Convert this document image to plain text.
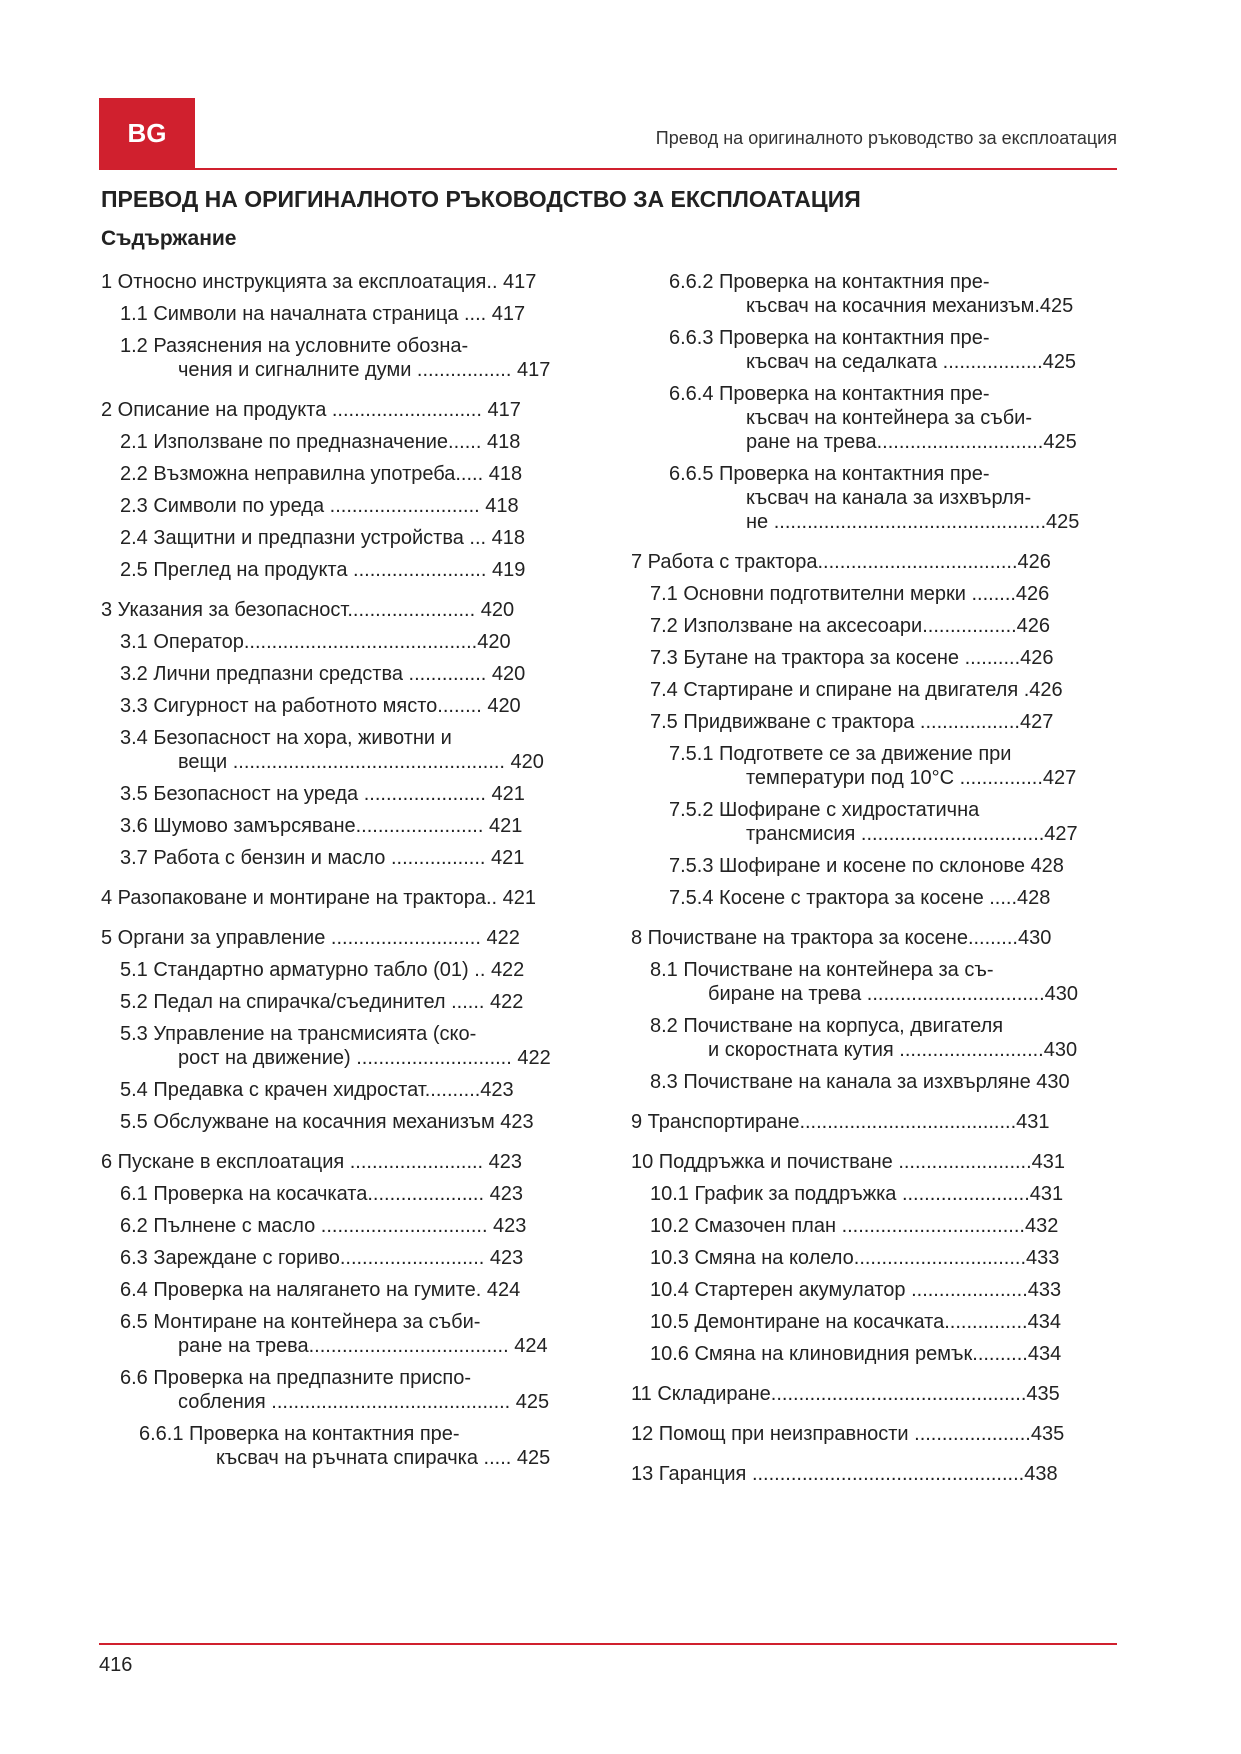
BG	Превод на оригиналното ръководство за експлоатация
ПРЕВОД НА ОРИГИНАЛНОТО РЪКОВОДСТВО ЗА ЕКСПЛОАТАЦИЯ
Съдържание
1 Относно инструкцията за експлоатация.. 417
1.1 Символи на началната страница .... 417
1.2 Разяснения на условните обозна-
чения и сигналните думи ................. 417
2 Описание на продукта ........................... 417
2.1 Използване по предназначение...... 418
2.2 Възможна неправилна употреба..... 418
2.3 Символи по уреда ........................... 418
2.4 Защитни и предпазни устройства ... 418
2.5 Преглед на продукта ........................ 419
3 Указания за безопасност....................... 420
3.1 Оператор..........................................420
3.2 Лични предпазни средства .............. 420
3.3 Сигурност на работното място........ 420
3.4 Безопасност на хора, животни и
вещи ................................................. 420
3.5 Безопасност на уреда ...................... 421
3.6 Шумово замърсяване....................... 421
3.7 Работа с бензин и масло ................. 421
4 Разопаковане и монтиране на трактора.. 421
5 Органи за управление ........................... 422
5.1 Стандартно арматурно табло (01) .. 422
5.2 Педал на спирачка/съединител ...... 422
5.3 Управление на трансмисията (ско-
рост на движение) ............................ 422
5.4 Предавка с крачен хидростат..........423
5.5 Обслужване на косачния механизъм 423
6 Пускане в експлоатация ........................ 423
6.1 Проверка на косачката..................... 423
6.2 Пълнене с масло .............................. 423
6.3 Зареждане с гориво.......................... 423
6.4 Проверка на налягането на гумите. 424
6.5 Монтиране на контейнера за съби-
ране на трева.................................... 424
6.6 Проверка на предпазните приспо-
собления ........................................... 425
6.6.1 Проверка на контактния пре-
късвач на ръчната спирачка ..... 425
6.6.2 Проверка на контактния пре-
късвач на косачния механизъм.425
6.6.3 Проверка на контактния пре-
късвач на седалката ..................425
6.6.4 Проверка на контактния пре-
късвач на контейнера за съби-
ране на трева..............................425
6.6.5 Проверка на контактния пре-
късвач на канала за изхвърля-
не .................................................425
7 Работа с трактора....................................426
7.1 Основни подготвителни мерки ........426
7.2 Използване на аксесоари.................426
7.3 Бутане на трактора за косене ..........426
7.4 Стартиране и спиране на двигателя .426
7.5 Придвижване с трактора ..................427
7.5.1 Подгответе се за движение при
температури под 10°C ...............427
7.5.2 Шофиране с хидростатична
трансмисия .................................427
7.5.3 Шофиране и косене по склонове 428
7.5.4 Косене с трактора за косене .....428
8 Почистване на трактора за косене.........430
8.1 Почистване на контейнера за съ-
биране на трева ................................430
8.2 Почистване на корпуса, двигателя
и скоростната кутия ..........................430
8.3 Почистване на канала за изхвърляне 430
9 Транспортиране.......................................431
10 Поддръжка и почистване ........................431
10.1 График за поддръжка .......................431
10.2 Смазочен план .................................432
10.3 Смяна на колело...............................433
10.4 Стартерен акумулатор .....................433
10.5 Демонтиране на косачката...............434
10.6 Смяна на клиновидния ремък..........434
11 Складиране..............................................435
12 Помощ при неизправности .....................435
13 Гаранция .................................................438
416
